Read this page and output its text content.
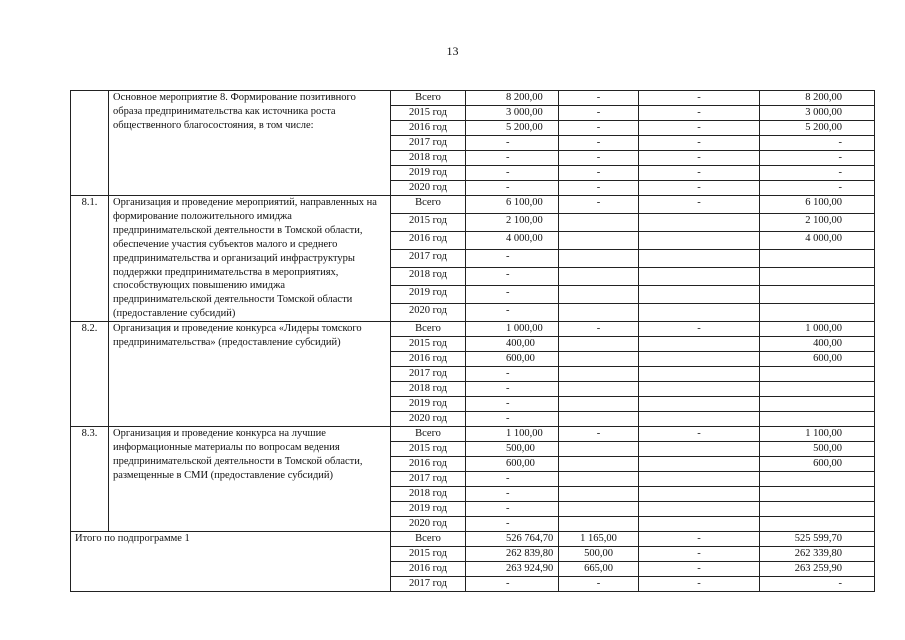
13
	Основное мероприятие 8. Формирование позитивного образа предпринимательства как источника роста общественного благосостояния, в том числе:	Всего	8 200,00	-	-	8 200,00
		2015 год	3 000,00	-	-	3 000,00
		2016 год	5 200,00	-	-	5 200,00
		2017 год	-	-	-	-
		2018 год	-	-	-	-
		2019 год	-	-	-	-
		2020 год	-	-	-	-
8.1.	Организация и проведение мероприятий, направленных на формирование положительного имиджа предпринимательской деятельности в Томской области, обеспечение участия субъектов малого и среднего предпринимательства и организаций инфраструктуры поддержки предпринимательства в мероприятиях, способствующих повышению имиджа предпринимательской деятельности Томской области (предоставление субсидий)	Всего	6 100,00	-	-	6 100,00
		2015 год	2 100,00			2 100,00
		2016 год	4 000,00			4 000,00
		2017 год	-			
		2018 год	-			
		2019 год	-			
		2020 год	-			
8.2.	Организация и проведение конкурса «Лидеры томского предпринимательства» (предоставление субсидий)	Всего	1 000,00	-	-	1 000,00
		2015 год	400,00			400,00
		2016 год	600,00			600,00
		2017 год	-			
		2018 год	-			
		2019 год	-			
		2020 год	-			
8.3.	Организация и проведение конкурса на лучшие информационные материалы по вопросам ведения предпринимательской деятельности в Томской области, размещенные в СМИ (предоставление субсидий)	Всего	1 100,00	-	-	1 100,00
		2015 год	500,00			500,00
		2016 год	600,00			600,00
		2017 год	-			
		2018 год	-			
		2019 год	-			
		2020 год	-			
Итого по подпрограмме 1		Всего	526 764,70	1 165,00	-	525 599,70
		2015 год	262 839,80	500,00	-	262 339,80
		2016 год	263 924,90	665,00	-	263 259,90
		2017 год	-	-	-	-
